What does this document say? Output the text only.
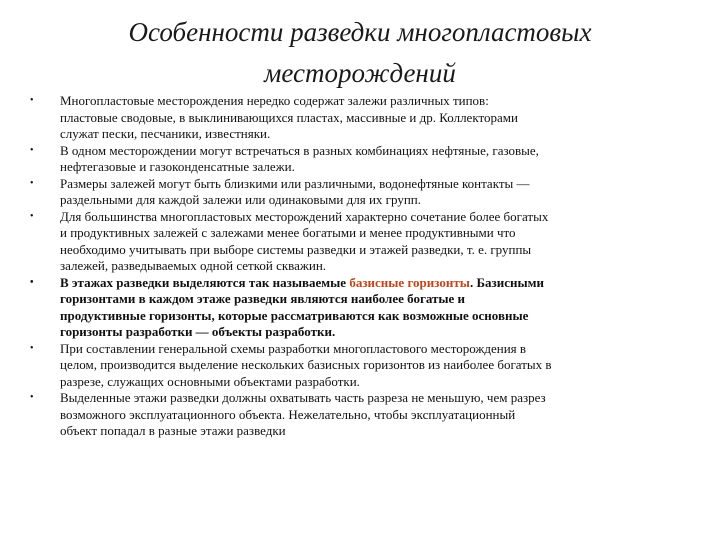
Особенности разведки многопластовых
месторождений
• Многопластовые месторождения нередко содержат залежи различных типов:
пластовые сводовые, в выклинивающихся пластах, массивные и др. Коллекторами
служат пески, песчаники, известняки.
• В одном месторождении могут встречаться в разных комбинациях нефтяные, газовые,
нефтегазовые и газоконденсатные залежи.
• Размеры залежей могут быть близкими или различными, водонефтяные контакты —
раздельными для каждой залежи или одинаковыми для их групп.
• Для большинства многопластовых месторождений характерно сочетание более богатых
и продуктивных залежей с залежами менее богатыми и менее продуктивными что
необходимо учитывать при выборе системы разведки и этажей разведки, т. е. группы
залежей, разведываемых одной сеткой скважин.
• В этажах разведки выделяются так называемые базисные горизонты. Базисными
горизонтами в каждом этаже разведки являются наиболее богатые и
продуктивные горизонты, которые рассматриваются как возможные основные
горизонты разработки — объекты разработки.
• При составлении генеральной схемы разработки многопластового месторождения в
целом, производится выделение нескольких базисных горизонтов из наиболее богатых в
разрезе, служащих основными объектами разработки.
• Выделенные этажи разведки должны охватывать часть разреза не меньшую, чем разрез
возможного эксплуатационного объекта. Нежелательно, чтобы эксплуатационный
объект попадал в разные этажи разведки
